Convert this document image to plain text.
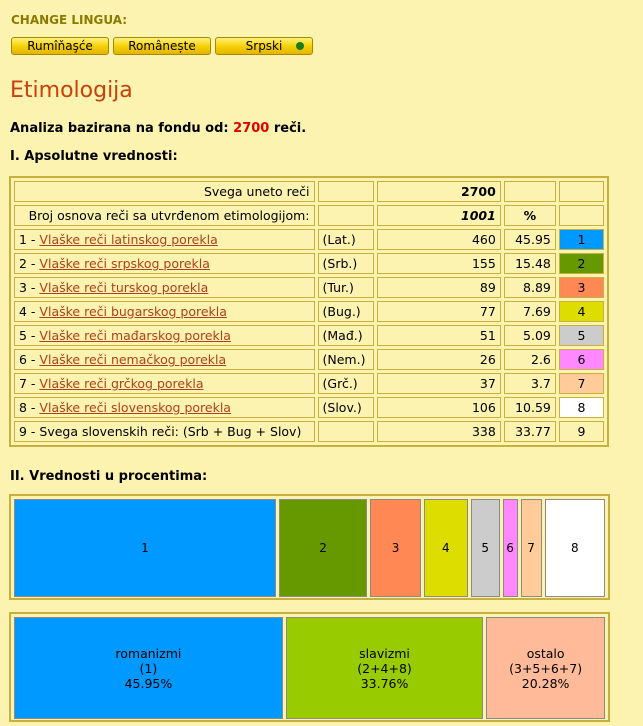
CHANGE LINGUA:
Rumîňaşće	Românește	Srpski
Etimologija
Analiza bazirana na fondu od: 2700 reči.
I. Apsolutne vrednosti:
Svega uneto reči		2700		
Broj osnova reči sa utvrđenom etimologijom:		1001	%	
1 - Vlaške reči latinskog porekla	(Lat.)	460	45.95	1
2 - Vlaške reči srpskog porekla	(Srb.)	155	15.48	2
3 - Vlaške reči turskog porekla	(Tur.)	89	8.89	3
4 - Vlaške reči bugarskog porekla	(Bug.)	77	7.69	4
5 - Vlaške reči mađarskog porekla	(Mađ.)	51	5.09	5
6 - Vlaške reči nemačkog porekla	(Nem.)	26	2.6	6
7 - Vlaške reči grčkog porekla	(Grč.)	37	3.7	7
8 - Vlaške reči slovenskog porekla	(Slov.)	106	10.59	8
9 - Svega slovenskih reči: (Srb + Bug + Slov)		338	33.77	9
II. Vrednosti u procentima:
1	2	3	4	5	6	7	8
romanizmi
(1)
45.95%
slavizmi
(2+4+8)
33.76%
ostalo
(3+5+6+7)
20.28%
